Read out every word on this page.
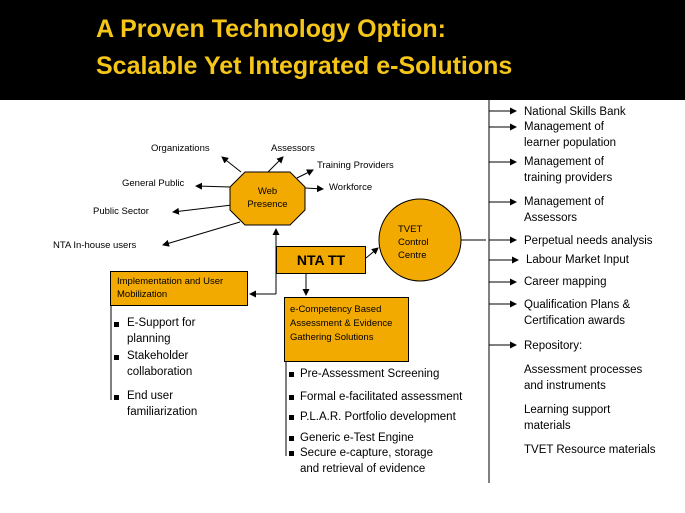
A Proven Technology Option:
Scalable Yet Integrated e-Solutions
Web
Presence
Organizations	Assessors
Training Providers
General Public	Workforce
Public Sector
NTA In-house users
NTA TT
TVET
Control
Centre
Implementation and User
Mobilization
E-Support for
planning
Stakeholder
collaboration
End user
familiarization
e-Competency Based
Assessment & Evidence
Gathering Solutions
Pre-Assessment Screening
Formal e-facilitated assessment
P.L.A.R. Portfolio development
Generic e-Test Engine
Secure e-capture, storage
and retrieval of evidence
National Skills Bank
Management of
learner population
Management of
training providers
Management of
Assessors
Perpetual needs analysis
Labour Market Input
Career mapping
Qualification Plans &
Certification awards
Repository:
Assessment processes
and instruments
Learning support
materials
TVET Resource materials
